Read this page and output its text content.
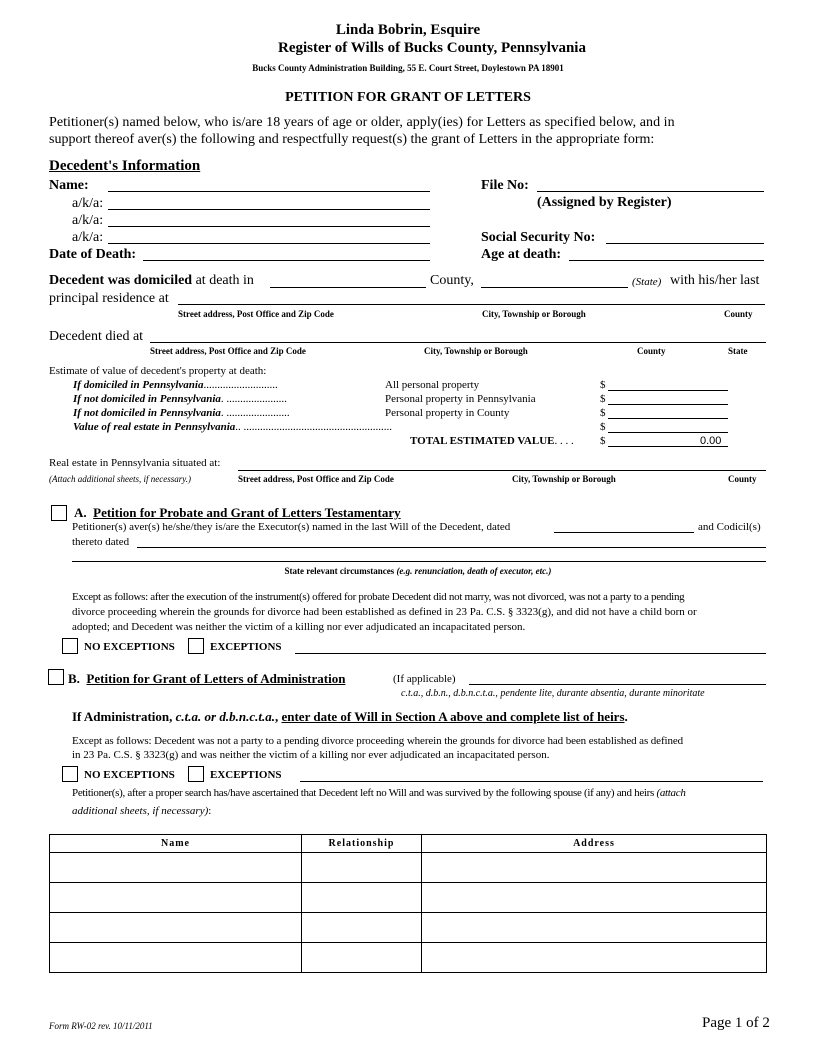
Linda Bobrin, Esquire
Register of Wills of Bucks County, Pennsylvania
Bucks County Administration Building, 55 E. Court Street, Doylestown PA 18901
PETITION FOR GRANT OF LETTERS
Petitioner(s) named below, who is/are 18 years of age or older, apply(ies) for Letters as specified below, and in
support thereof aver(s) the following and respectfully request(s) the grant of Letters in the appropriate form:
Decedent's Information
Name:
a/k/a:
a/k/a:
a/k/a:
Date of Death:
File No:
(Assigned by Register)
Social Security No:
Age at death:
Decedent was domiciled at death in	County,	(State) with his/her last
principal residence at
Street address, Post Office and Zip Code	City, Township or Borough	County
Decedent died at
Street address, Post Office and Zip Code	City, Township or Borough	County	State
Estimate of value of decedent's property at death:
If domiciled in Pennsylvania...........................	All personal property	$
If not domiciled in Pennsylvania. ......................	Personal property in Pennsylvania	$
If not domiciled in Pennsylvania. .......................	Personal property in County	$
Value of real estate in Pennsylvania.. ......................................................	$
TOTAL ESTIMATED VALUE. . . . $	0.00
Real estate in Pennsylvania situated at:
(Attach additional sheets, if necessary.)	Street address, Post Office and Zip Code	City, Township or Borough	County
A. Petition for Probate and Grant of Letters Testamentary
Petitioner(s) aver(s) he/she/they is/are the Executor(s) named in the last Will of the Decedent, dated	and Codicil(s)
thereto dated
State relevant circumstances (e.g. renunciation, death of executor, etc.)
Except as follows: after the execution of the instrument(s) offered for probate Decedent did not marry, was not divorced, was not a party to a pending
divorce proceeding wherein the grounds for divorce had been established as defined in 23 Pa. C.S. § 3323(g), and did not have a child born or
adopted; and Decedent was neither the victim of a killing nor ever adjudicated an incapacitated person.
NO EXCEPTIONS	EXCEPTIONS
B. Petition for Grant of Letters of Administration	(If applicable)
c.t.a., d.b.n., d.b.n.c.t.a., pendente lite, durante absentia, durante minoritate
If Administration, c.t.a. or d.b.n.c.t.a., enter date of Will in Section A above and complete list of heirs.
Except as follows: Decedent was not a party to a pending divorce proceeding wherein the grounds for divorce had been established as defined
in 23 Pa. C.S. § 3323(g) and was neither the victim of a killing nor ever adjudicated an incapacitated person.
NO EXCEPTIONS	EXCEPTIONS
Petitioner(s), after a proper search has/have ascertained that Decedent left no Will and was survived by the following spouse (if any) and heirs (attach
additional sheets, if necessary):
Name	Relationship	Address

Form RW-02 rev. 10/11/2011	Page 1 of 2
